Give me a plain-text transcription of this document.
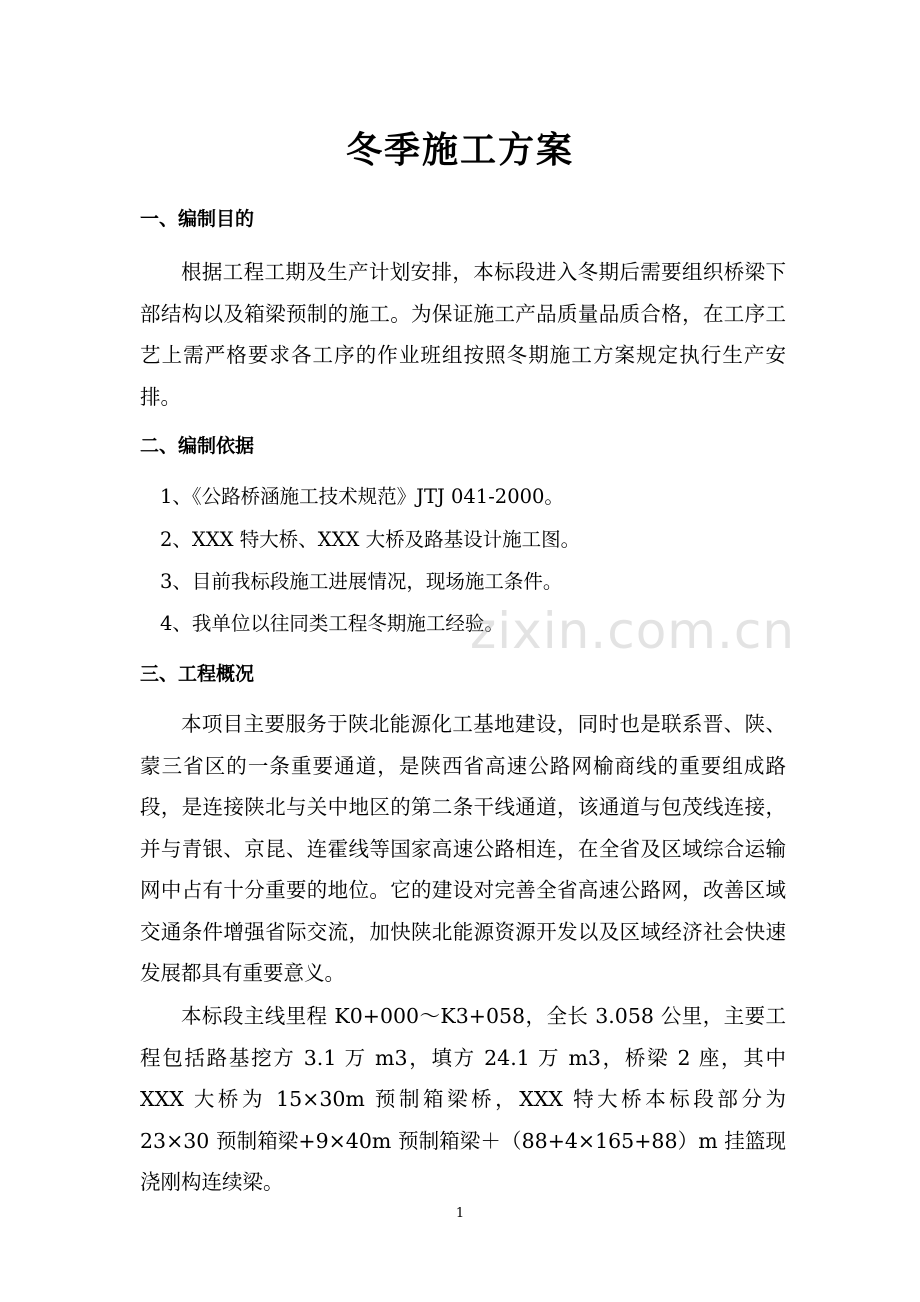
冬季施工方案
一、编制目的
根据工程工期及生产计划安排，本标段进入冬期后需要组织桥梁下部结构以及箱梁预制的施工。为保证施工产品质量品质合格，在工序工艺上需严格要求各工序的作业班组按照冬期施工方案规定执行生产安排。
二、编制依据
1、《公路桥涵施工技术规范》JTJ 041-2000。
2、XXX 特大桥、XXX 大桥及路基设计施工图。
3、目前我标段施工进展情况，现场施工条件。
4、我单位以往同类工程冬期施工经验。
三、工程概况
本项目主要服务于陕北能源化工基地建设，同时也是联系晋、陕、蒙三省区的一条重要通道，是陕西省高速公路网榆商线的重要组成路段，是连接陕北与关中地区的第二条干线通道，该通道与包茂线连接，并与青银、京昆、连霍线等国家高速公路相连，在全省及区域综合运输网中占有十分重要的地位。它的建设对完善全省高速公路网，改善区域交通条件增强省际交流，加快陕北能源资源开发以及区域经济社会快速发展都具有重要意义。
本标段主线里程 K0+000～K3+058，全长 3.058 公里，主要工程包括路基挖方 3.1 万 m3，填方 24.1 万 m3，桥梁 2 座，其中 XXX 大桥为 15×30m 预制箱梁桥，XXX 特大桥本标段部分为 23×30 预制箱梁+9×40m 预制箱梁＋（88+4×165+88）m 挂篮现浇刚构连续梁。
zixin.com.cn
1
